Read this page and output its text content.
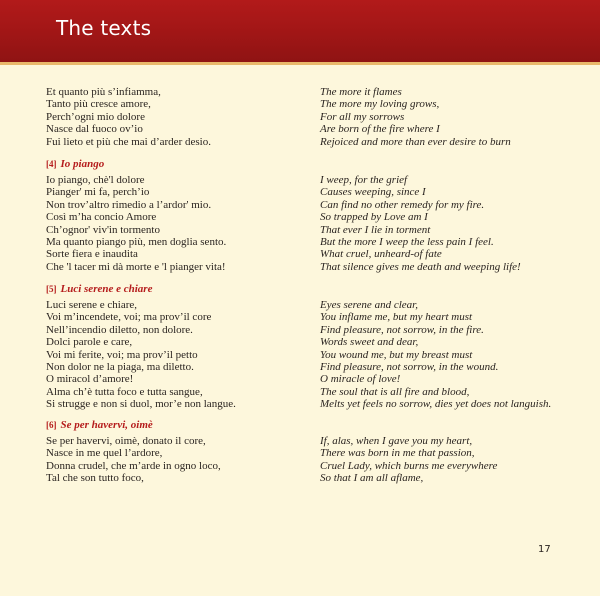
The texts
Et quanto più s’infiamma,
Tanto più cresce amore,
Perch’ogni mio dolore
Nasce dal fuoco ov’io
Fui lieto et più che mai d’arder desio.
The more it flames
The more my loving grows,
For all my sorrows
Are born of the fire where I
Rejoiced and more than ever desire to burn
[4] Io piango
Io piango, chè'l dolore
Pianger' mi fa, perch’io
Non trov’altro rimedio a l’ardor' mio.
Così m’ha concio Amore
Ch’ognor' viv'in tormento
Ma quanto piango più, men doglia sento.
Sorte fiera e inaudita
Che 'l tacer mi dà morte e 'l pianger vita!
I weep, for the grief
Causes weeping, since I
Can find no other remedy for my fire.
So trapped by Love am I
That ever I lie in torment
But the more I weep the less pain I feel.
What cruel, unheard-of fate
That silence gives me death and weeping life!
[5] Luci serene e chiare
Luci serene e chiare,
Voi m’incendete, voi; ma prov’il core
Nell’incendio diletto, non dolore.
Dolci parole e care,
Voi mi ferite, voi; ma prov’il petto
Non dolor ne la piaga, ma diletto.
O miracol d’amore!
Alma ch’è tutta foco e tutta sangue,
Si strugge e non si duol, mor’e non langue.
Eyes serene and clear,
You inflame me, but my heart must
Find pleasure, not sorrow, in the fire.
Words sweet and dear,
You wound me, but my breast must
Find pleasure, not sorrow, in the wound.
O miracle of love!
The soul that is all fire and blood,
Melts yet feels no sorrow, dies yet does not languish.
[6] Se per havervi, oimè
Se per havervi, oimè, donato il core,
Nasce in me quel l’ardore,
Donna crudel, che m’arde in ogno loco,
Tal che son tutto foco,
If, alas, when I gave you my heart,
There was born in me that passion,
Cruel Lady, which burns me everywhere
So that I am all aflame,
17
